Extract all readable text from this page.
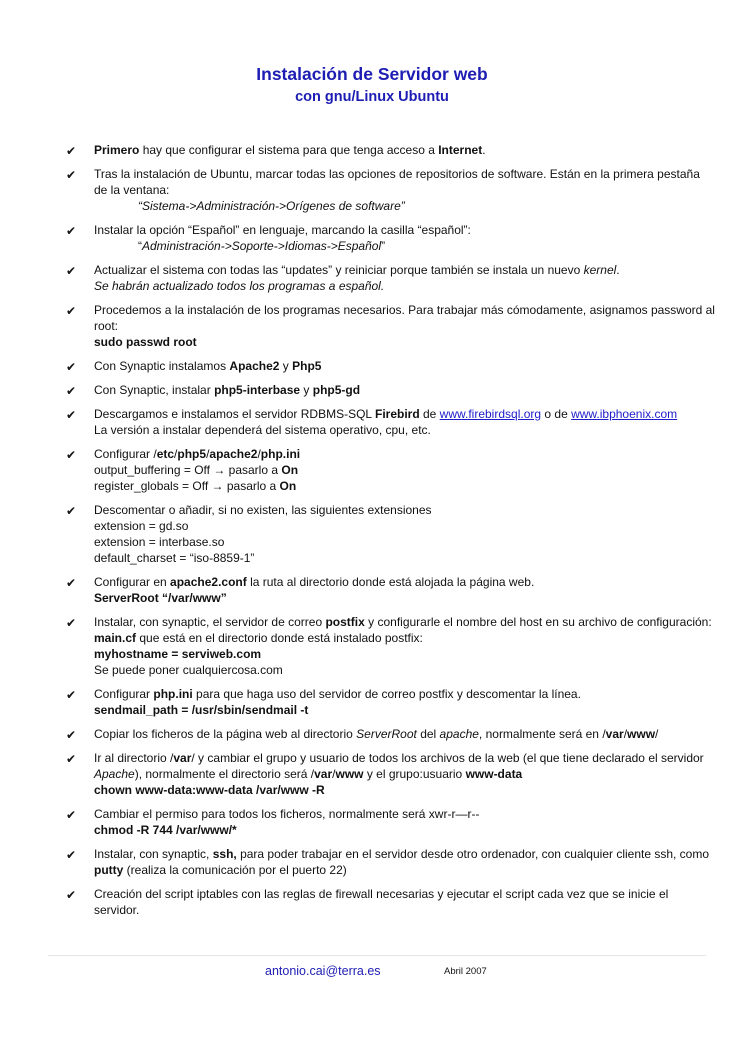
Instalación de Servidor web
con gnu/Linux Ubuntu
✔ Primero hay que configurar el sistema para que tenga acceso a Internet.
✔ Tras la instalación de Ubuntu, marcar todas las opciones de repositorios de software. Están en la primera pestaña de la ventana:
“Sistema->Administración->Orígenes de software”
✔ Instalar la opción “Español” en lenguaje, marcando la casilla “español”:
“Administración->Soporte->Idiomas->Español”
✔ Actualizar el sistema con todas las “updates” y reiniciar porque también se instala un nuevo kernel.
Se habrán actualizado todos los programas a español.
✔ Procedemos a la instalación de los programas necesarios. Para trabajar más cómodamente, asignamos password al root:
sudo passwd root
✔ Con Synaptic instalamos Apache2 y Php5
✔ Con Synaptic, instalar php5-interbase y php5-gd
✔ Descargamos e instalamos el servidor RDBMS-SQL Firebird de www.firebirdsql.org o de www.ibphoenix.com
La versión a instalar dependerá del sistema operativo, cpu, etc.
✔ Configurar /etc/php5/apache2/php.ini
output_buffering = Off → pasarlo a On
register_globals = Off → pasarlo a On
✔ Descomentar o añadir, si no existen, las siguientes extensiones
extension = gd.so
extension = interbase.so
default_charset = “iso-8859-1”
✔ Configurar en apache2.conf la ruta al directorio donde está alojada la página web.
ServerRoot “/var/www”
✔ Instalar, con synaptic, el servidor de correo postfix y configurarle el nombre del host en su archivo de configuración: main.cf que está en el directorio donde está instalado postfix:
myhostname = serviweb.com
Se puede poner cualquiercosa.com
✔ Configurar php.ini para que haga uso del servidor de correo postfix y descomentar la línea.
sendmail_path = /usr/sbin/sendmail -t
✔ Copiar los ficheros de la página web al directorio ServerRoot del apache, normalmente será en /var/www/
✔ Ir al directorio /var/ y cambiar el grupo y usuario de todos los archivos de la web (el que tiene declarado el servidor Apache), normalmente el directorio será /var/www y el grupo:usuario www-data
chown www-data:www-data /var/www -R
✔ Cambiar el permiso para todos los ficheros, normalmente será xwr-r—r--
chmod -R 744 /var/www/*
✔ Instalar, con synaptic, ssh, para poder trabajar en el servidor desde otro ordenador, con cualquier cliente ssh, como putty (realiza la comunicación por el puerto 22)
✔ Creación del script iptables con las reglas de firewall necesarias y ejecutar el script cada vez que se inicie el servidor.
antonio.cai@terra.es	Abril 2007
